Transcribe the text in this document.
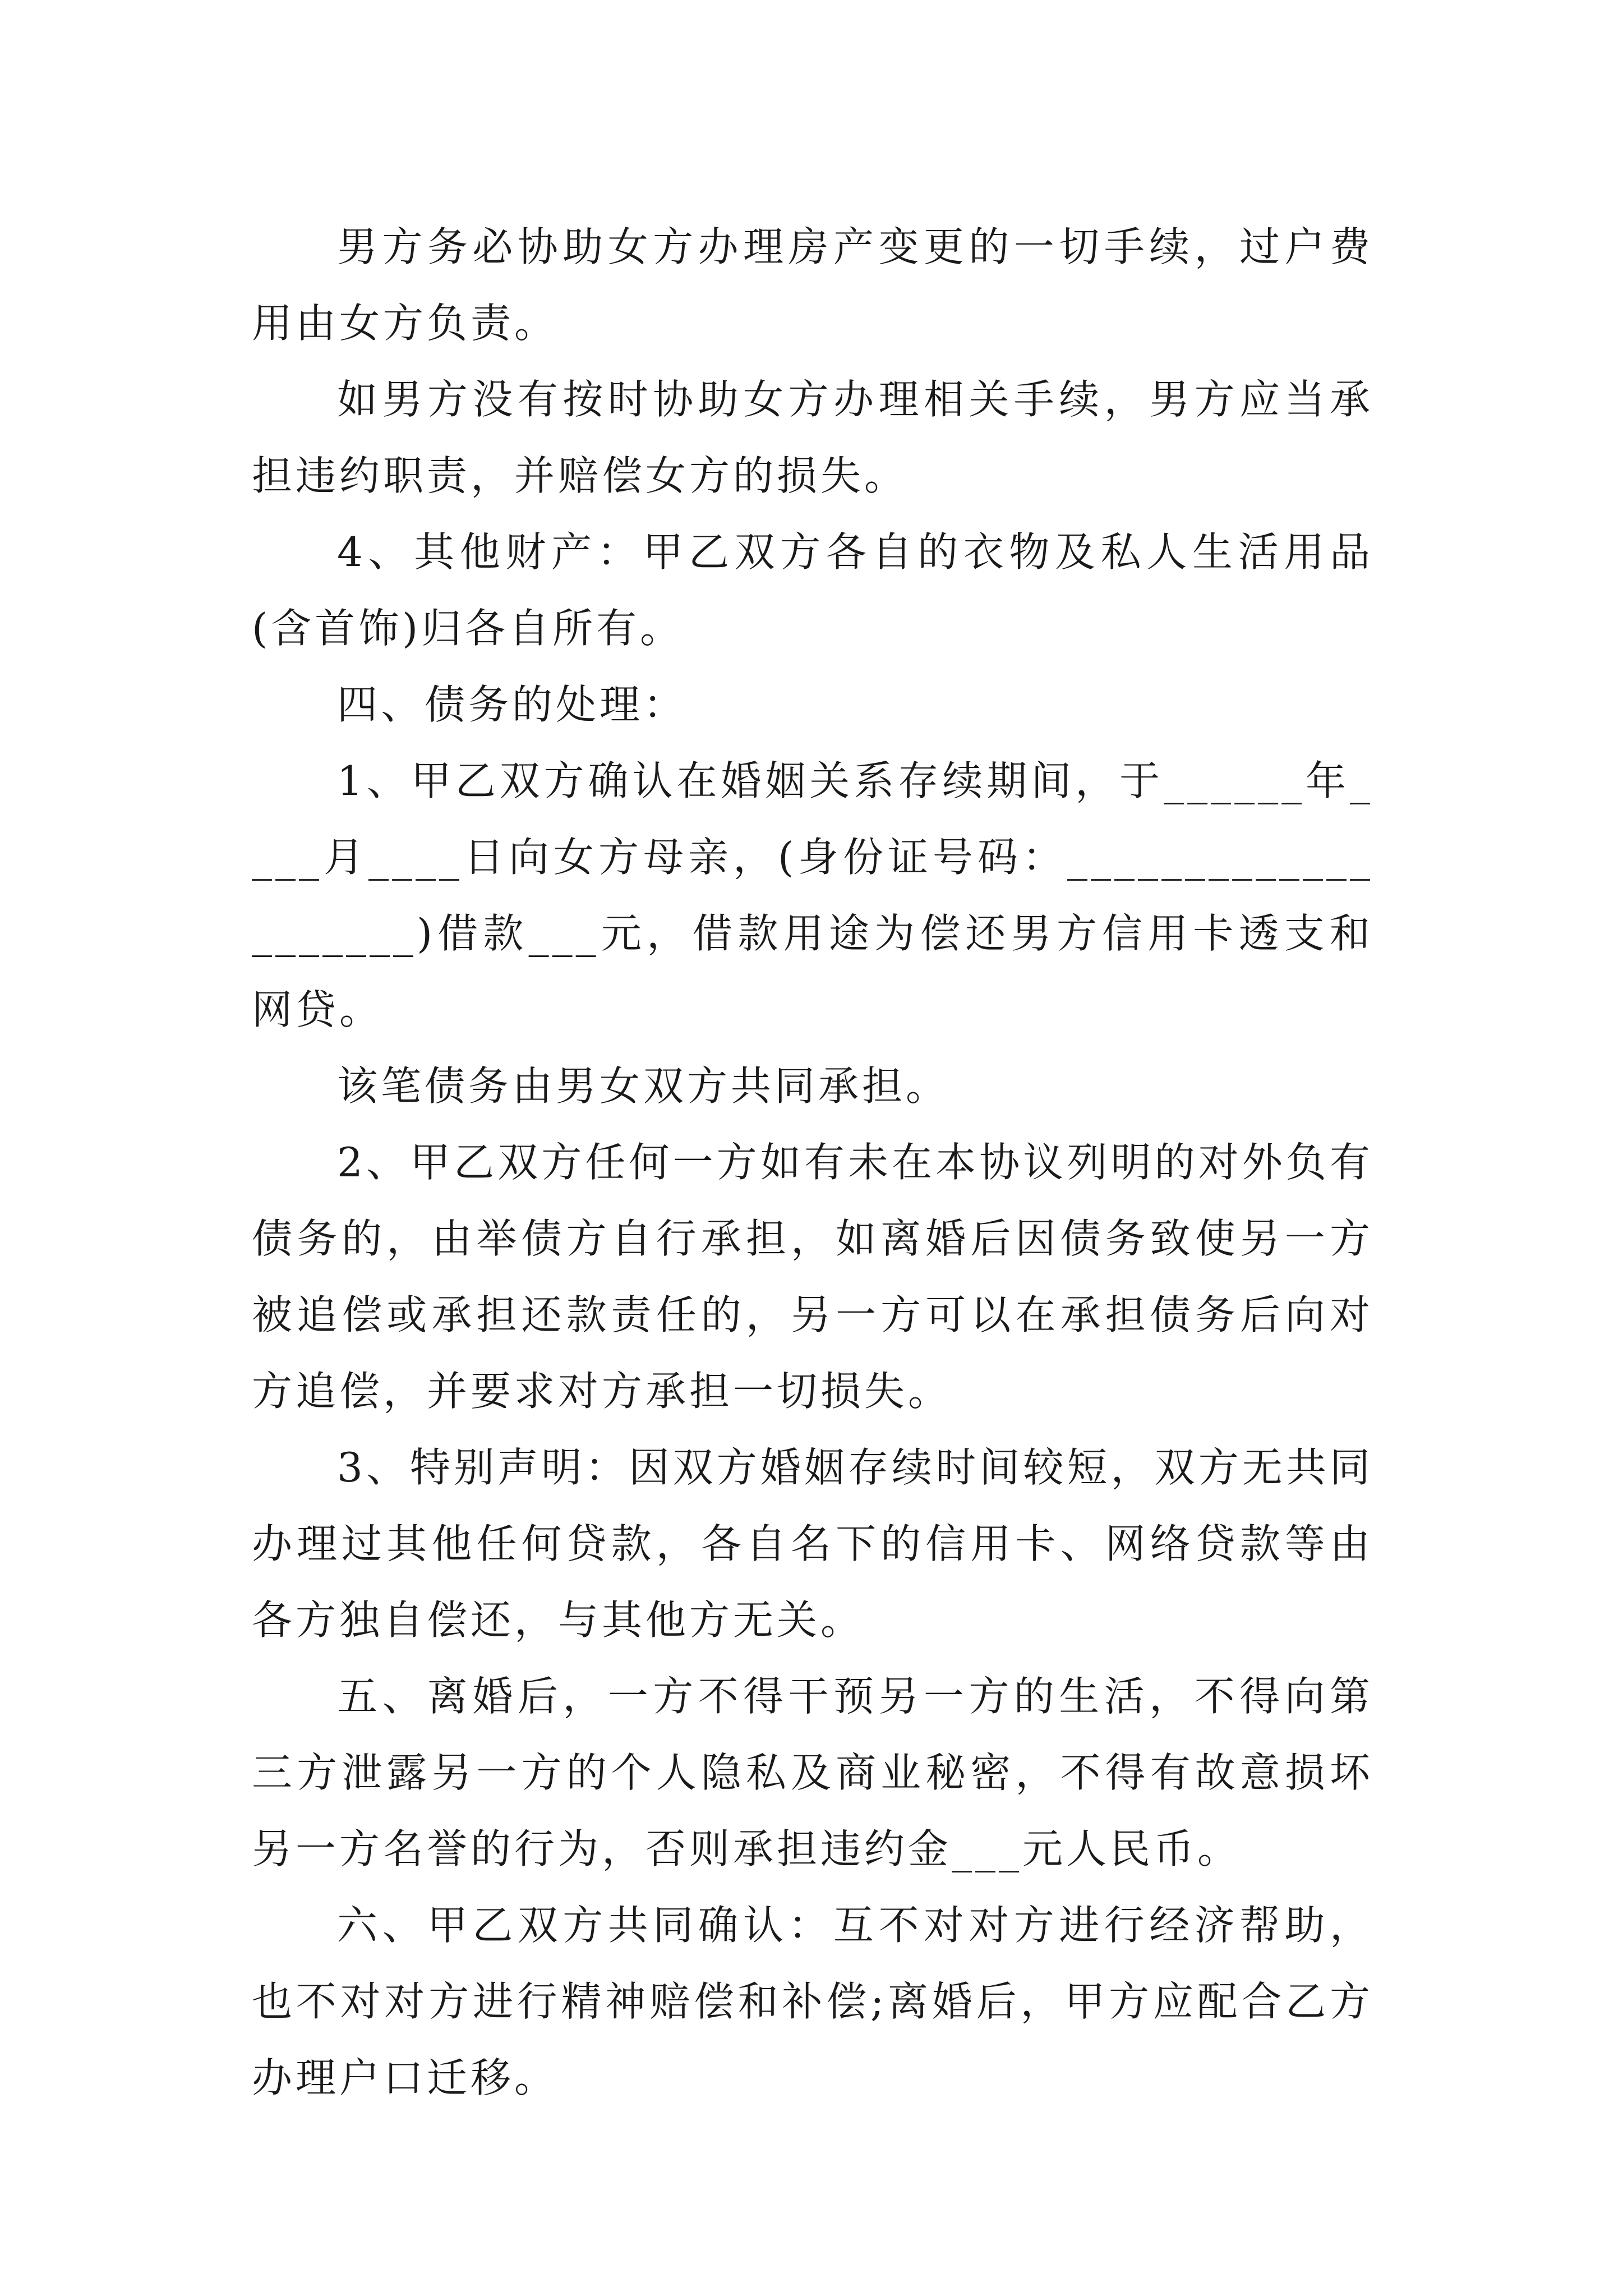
男方务必协助女方办理房产变更的一切手续，过户费用由女方负责。

如男方没有按时协助女方办理相关手续，男方应当承担违约职责，并赔偿女方的损失。

4、其他财产：甲乙双方各自的衣物及私人生活用品(含首饰)归各自所有。

四、债务的处理：

1、甲乙双方确认在婚姻关系存续期间，于______年____月____日向女方母亲，(身份证号码：____________________)借款___元，借款用途为偿还男方信用卡透支和网贷。

该笔债务由男女双方共同承担。

2、甲乙双方任何一方如有未在本协议列明的对外负有债务的，由举债方自行承担，如离婚后因债务致使另一方被追偿或承担还款责任的，另一方可以在承担债务后向对方追偿，并要求对方承担一切损失。

3、特别声明：因双方婚姻存续时间较短，双方无共同办理过其他任何贷款，各自名下的信用卡、网络贷款等由各方独自偿还，与其他方无关。

五、离婚后，一方不得干预另一方的生活，不得向第三方泄露另一方的个人隐私及商业秘密，不得有故意损坏另一方名誉的行为，否则承担违约金___元人民币。

六、甲乙双方共同确认：互不对对方进行经济帮助，也不对对方进行精神赔偿和补偿;离婚后，甲方应配合乙方办理户口迁移。
